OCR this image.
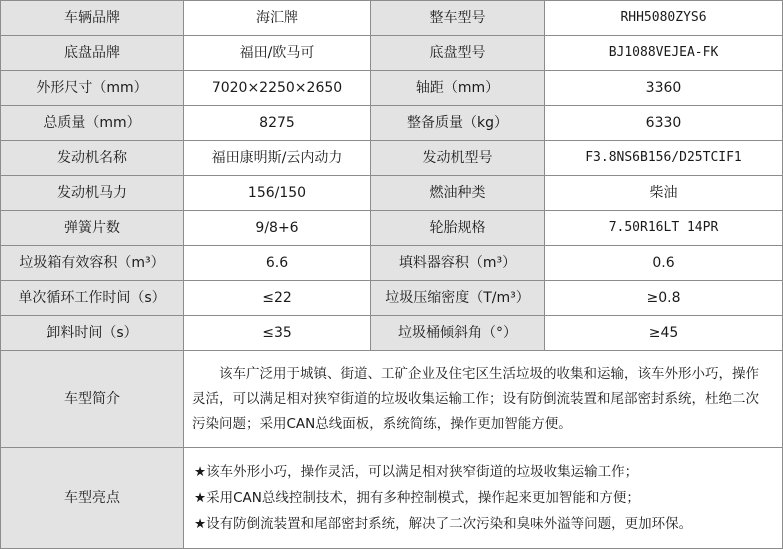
车辆品牌	海汇牌	整车型号	RHH5080ZYS6
底盘品牌	福田/欧马可	底盘型号	BJ1088VEJEA-FK
外形尺寸（mm）	7020×2250×2650	轴距（mm）	3360
总质量（mm）	8275	整备质量（kg）	6330
发动机名称	福田康明斯/云内动力	发动机型号	F3.8NS6B156/D25TCIF1
发动机马力	156/150	燃油种类	柴油
弹簧片数	9/8+6	轮胎规格	7.50R16LT 14PR
垃圾箱有效容积（m³）	6.6	填料器容积（m³）	0.6
单次循环工作时间（s）	≤22	垃圾压缩密度（T/m³）	≥0.8
卸料时间（s）	≤35	垃圾桶倾斜角（°）	≥45
车型简介	该车广泛用于城镇、街道、工矿企业及住宅区生活垃圾的收集和运输，该车外形小巧，操作灵活，可以满足相对狭窄街道的垃圾收集运输工作；设有防倒流装置和尾部密封系统，杜绝二次污染问题；采用CAN总线面板，系统简练，操作更加智能方便。		

车型亮点	★该车外形小巧，操作灵活，可以满足相对狭窄街道的垃圾收集运输工作；

★采用CAN总线控制技术，拥有多种控制模式，操作起来更加智能和方便；

★设有防倒流装置和尾部密封系统，解决了二次污染和臭味外溢等问题，更加环保。		
